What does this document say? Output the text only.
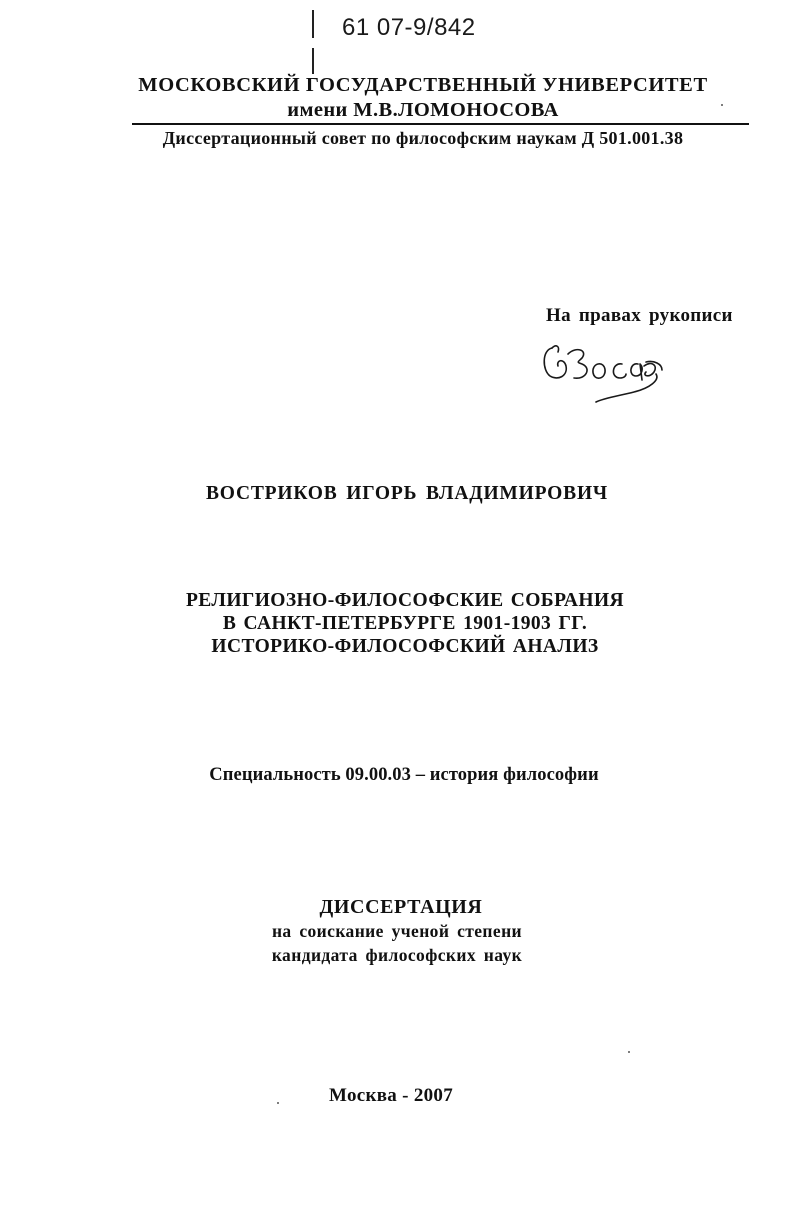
61 07-9/842
МОСКОВСКИЙ ГОСУДАРСТВЕННЫЙ УНИВЕРСИТЕТ
имени М.В.ЛОМОНОСОВА
Диссертационный совет по философским наукам Д 501.001.38
На правах рукописи
ВОСТРИКОВ ИГОРЬ ВЛАДИМИРОВИЧ
РЕЛИГИОЗНО-ФИЛОСОФСКИЕ СОБРАНИЯ
В САНКТ-ПЕТЕРБУРГЕ 1901-1903 ГГ.
ИСТОРИКО-ФИЛОСОФСКИЙ АНАЛИЗ
Специальность 09.00.03 – история философии
ДИССЕРТАЦИЯ
на соискание ученой степени
кандидата философских наук
Москва - 2007
